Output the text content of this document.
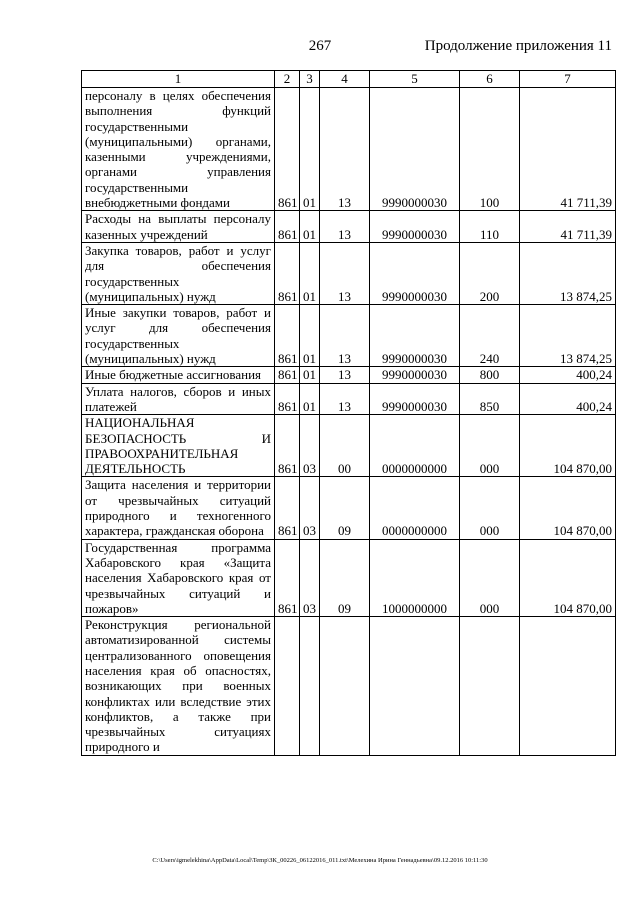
267	Продолжение приложения 11
1	2	3	4	5	6	7
персоналу в целях обеспечения выполнения функций государственными (муниципальными) органами, казенными учреждениями, органами управления государственными внебюджетными фондами	861	01	13	9990000030	100	41 711,39
Расходы на выплаты персоналу казенных учреждений	861	01	13	9990000030	110	41 711,39
Закупка товаров, работ и услуг для обеспечения государственных (муниципальных) нужд	861	01	13	9990000030	200	13 874,25
Иные закупки товаров, работ и услуг для обеспечения государственных (муниципальных) нужд	861	01	13	9990000030	240	13 874,25
Иные бюджетные ассигнования	861	01	13	9990000030	800	400,24
Уплата налогов, сборов и иных платежей	861	01	13	9990000030	850	400,24
НАЦИОНАЛЬНАЯ БЕЗОПАСНОСТЬ И ПРАВООХРАНИТЕЛЬНАЯ ДЕЯТЕЛЬНОСТЬ	861	03	00	0000000000	000	104 870,00
Защита населения и территории от чрезвычайных ситуаций природного и техногенного характера, гражданская оборона	861	03	09	0000000000	000	104 870,00
Государственная программа Хабаровского края «Защита населения Хабаровского края от чрезвычайных ситуаций и пожаров»	861	03	09	1000000000	000	104 870,00
Реконструкция региональной автоматизированной системы централизованного оповещения населения края об опасностях, возникающих при военных конфликтах или вследствие этих конфликтов, а также при чрезвычайных ситуациях природного и						
C:\Users\igmelekhina\AppData\Local\Temp\ЗК_00226_06122016_011.txt\Мелехина Ирина Геннадьевна\09.12.2016 10:11:30
